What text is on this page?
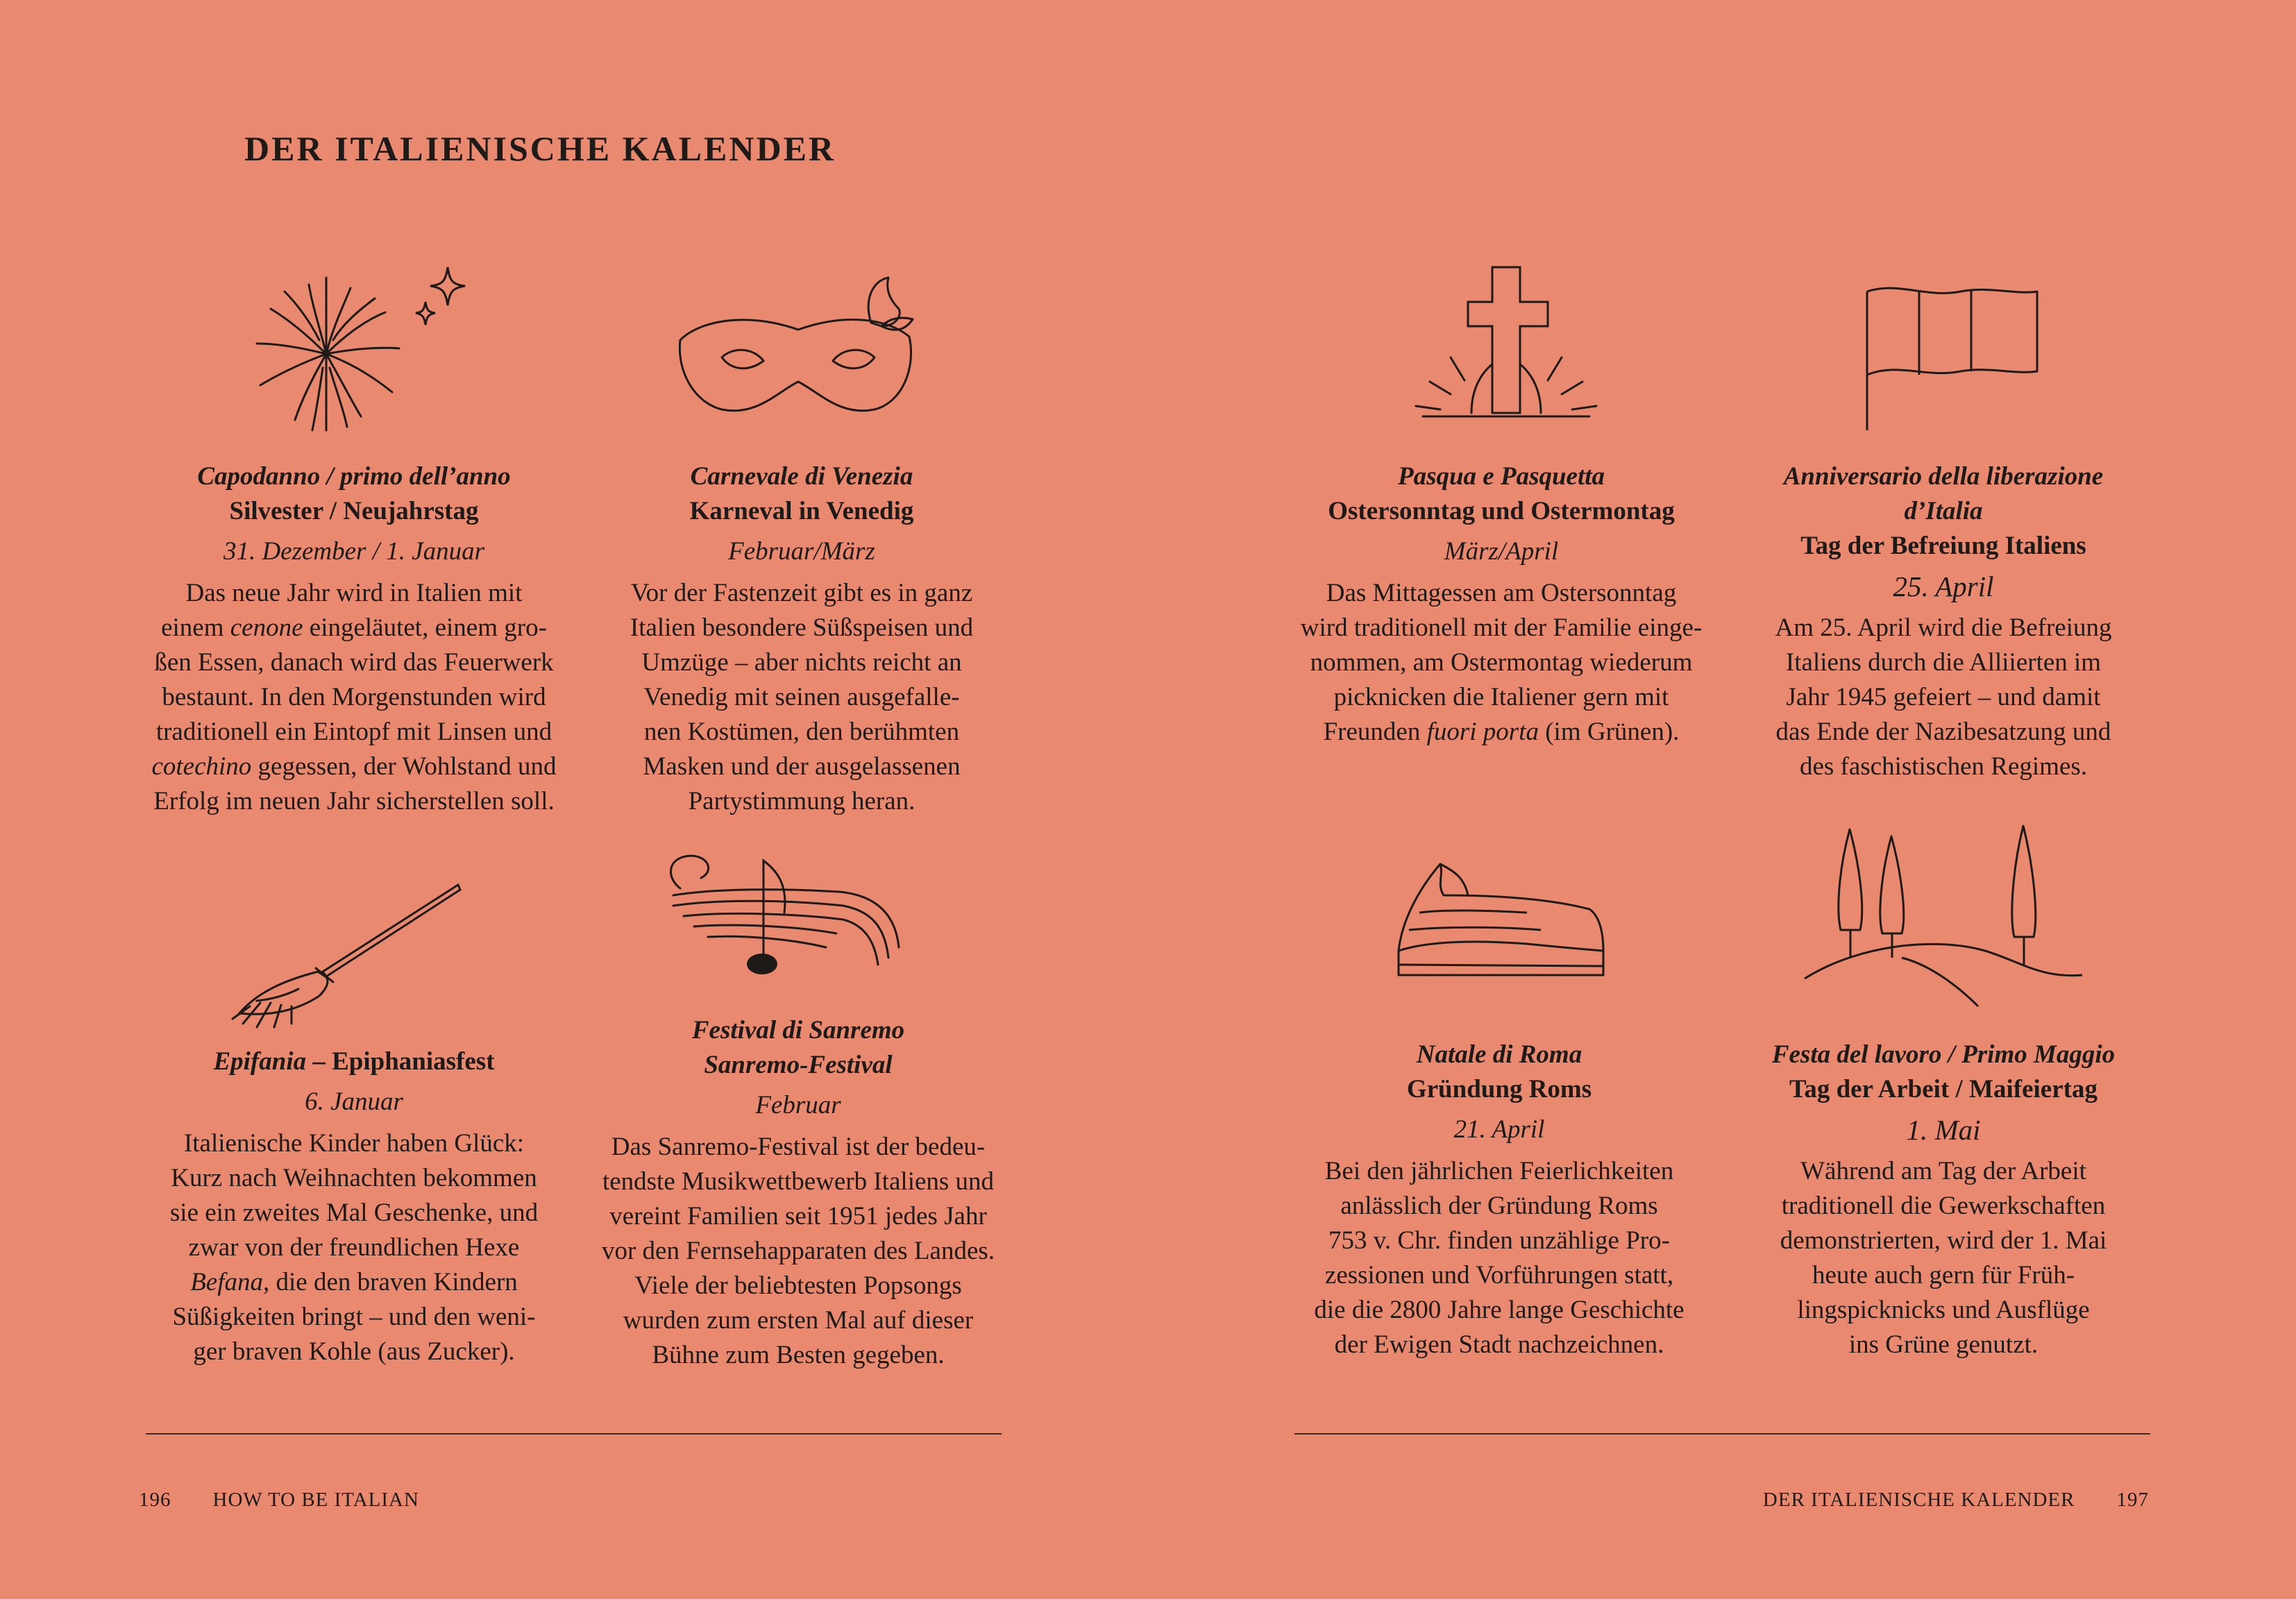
DER ITALIENISCHE KALENDER
Capodanno / primo dell’anno
Silvester / Neujahrstag
31. Dezember / 1. Januar
Das neue Jahr wird in Italien mit
einem cenone eingeläutet, einem gro-
ßen Essen, danach wird das Feuerwerk
bestaunt. In den Morgenstunden wird
traditionell ein Eintopf mit Linsen und
cotechino gegessen, der Wohlstand und
Erfolg im neuen Jahr sicherstellen soll.
Carnevale di Venezia
Karneval in Venedig
Februar/März
Vor der Fastenzeit gibt es in ganz
Italien besondere Süßspeisen und
Umzüge – aber nichts reicht an
Venedig mit seinen ausgefalle-
nen Kostümen, den berühmten
Masken und der ausgelassenen
Partystimmung heran.
Epifania – Epiphaniasfest
6. Januar
Italienische Kinder haben Glück:
Kurz nach Weihnachten bekommen
sie ein zweites Mal Geschenke, und
zwar von der freundlichen Hexe
Befana, die den braven Kindern
Süßigkeiten bringt – und den weni-
ger braven Kohle (aus Zucker).
Festival di Sanremo
Sanremo-Festival
Februar
Das Sanremo-Festival ist der bedeu-
tendste Musikwettbewerb Italiens und
vereint Familien seit 1951 jedes Jahr
vor den Fernsehapparaten des Landes.
Viele der beliebtesten Popsongs
wurden zum ersten Mal auf dieser
Bühne zum Besten gegeben.
Pasqua e Pasquetta
Ostersonntag und Ostermontag
März/April
Das Mittagessen am Ostersonntag
wird traditionell mit der Familie einge-
nommen, am Ostermontag wiederum
picknicken die Italiener gern mit
Freunden fuori porta (im Grünen).
Anniversario della liberazione
d’Italia
Tag der Befreiung Italiens
25. April
Am 25. April wird die Befreiung
Italiens durch die Alliierten im
Jahr 1945 gefeiert – und damit
das Ende der Nazibesatzung und
des faschistischen Regimes.
Natale di Roma
Gründung Roms
21. April
Bei den jährlichen Feierlichkeiten
anlässlich der Gründung Roms
753 v. Chr. finden unzählige Pro-
zessionen und Vorführungen statt,
die die 2800 Jahre lange Geschichte
der Ewigen Stadt nachzeichnen.
Festa del lavoro / Primo Maggio
Tag der Arbeit / Maifeiertag
1. Mai
Während am Tag der Arbeit
traditionell die Gewerkschaften
demonstrierten, wird der 1. Mai
heute auch gern für Früh-
lingspicknicks und Ausflüge
ins Grüne genutzt.
196 HOW TO BE ITALIAN	DER ITALIENISCHE KALENDER 197
